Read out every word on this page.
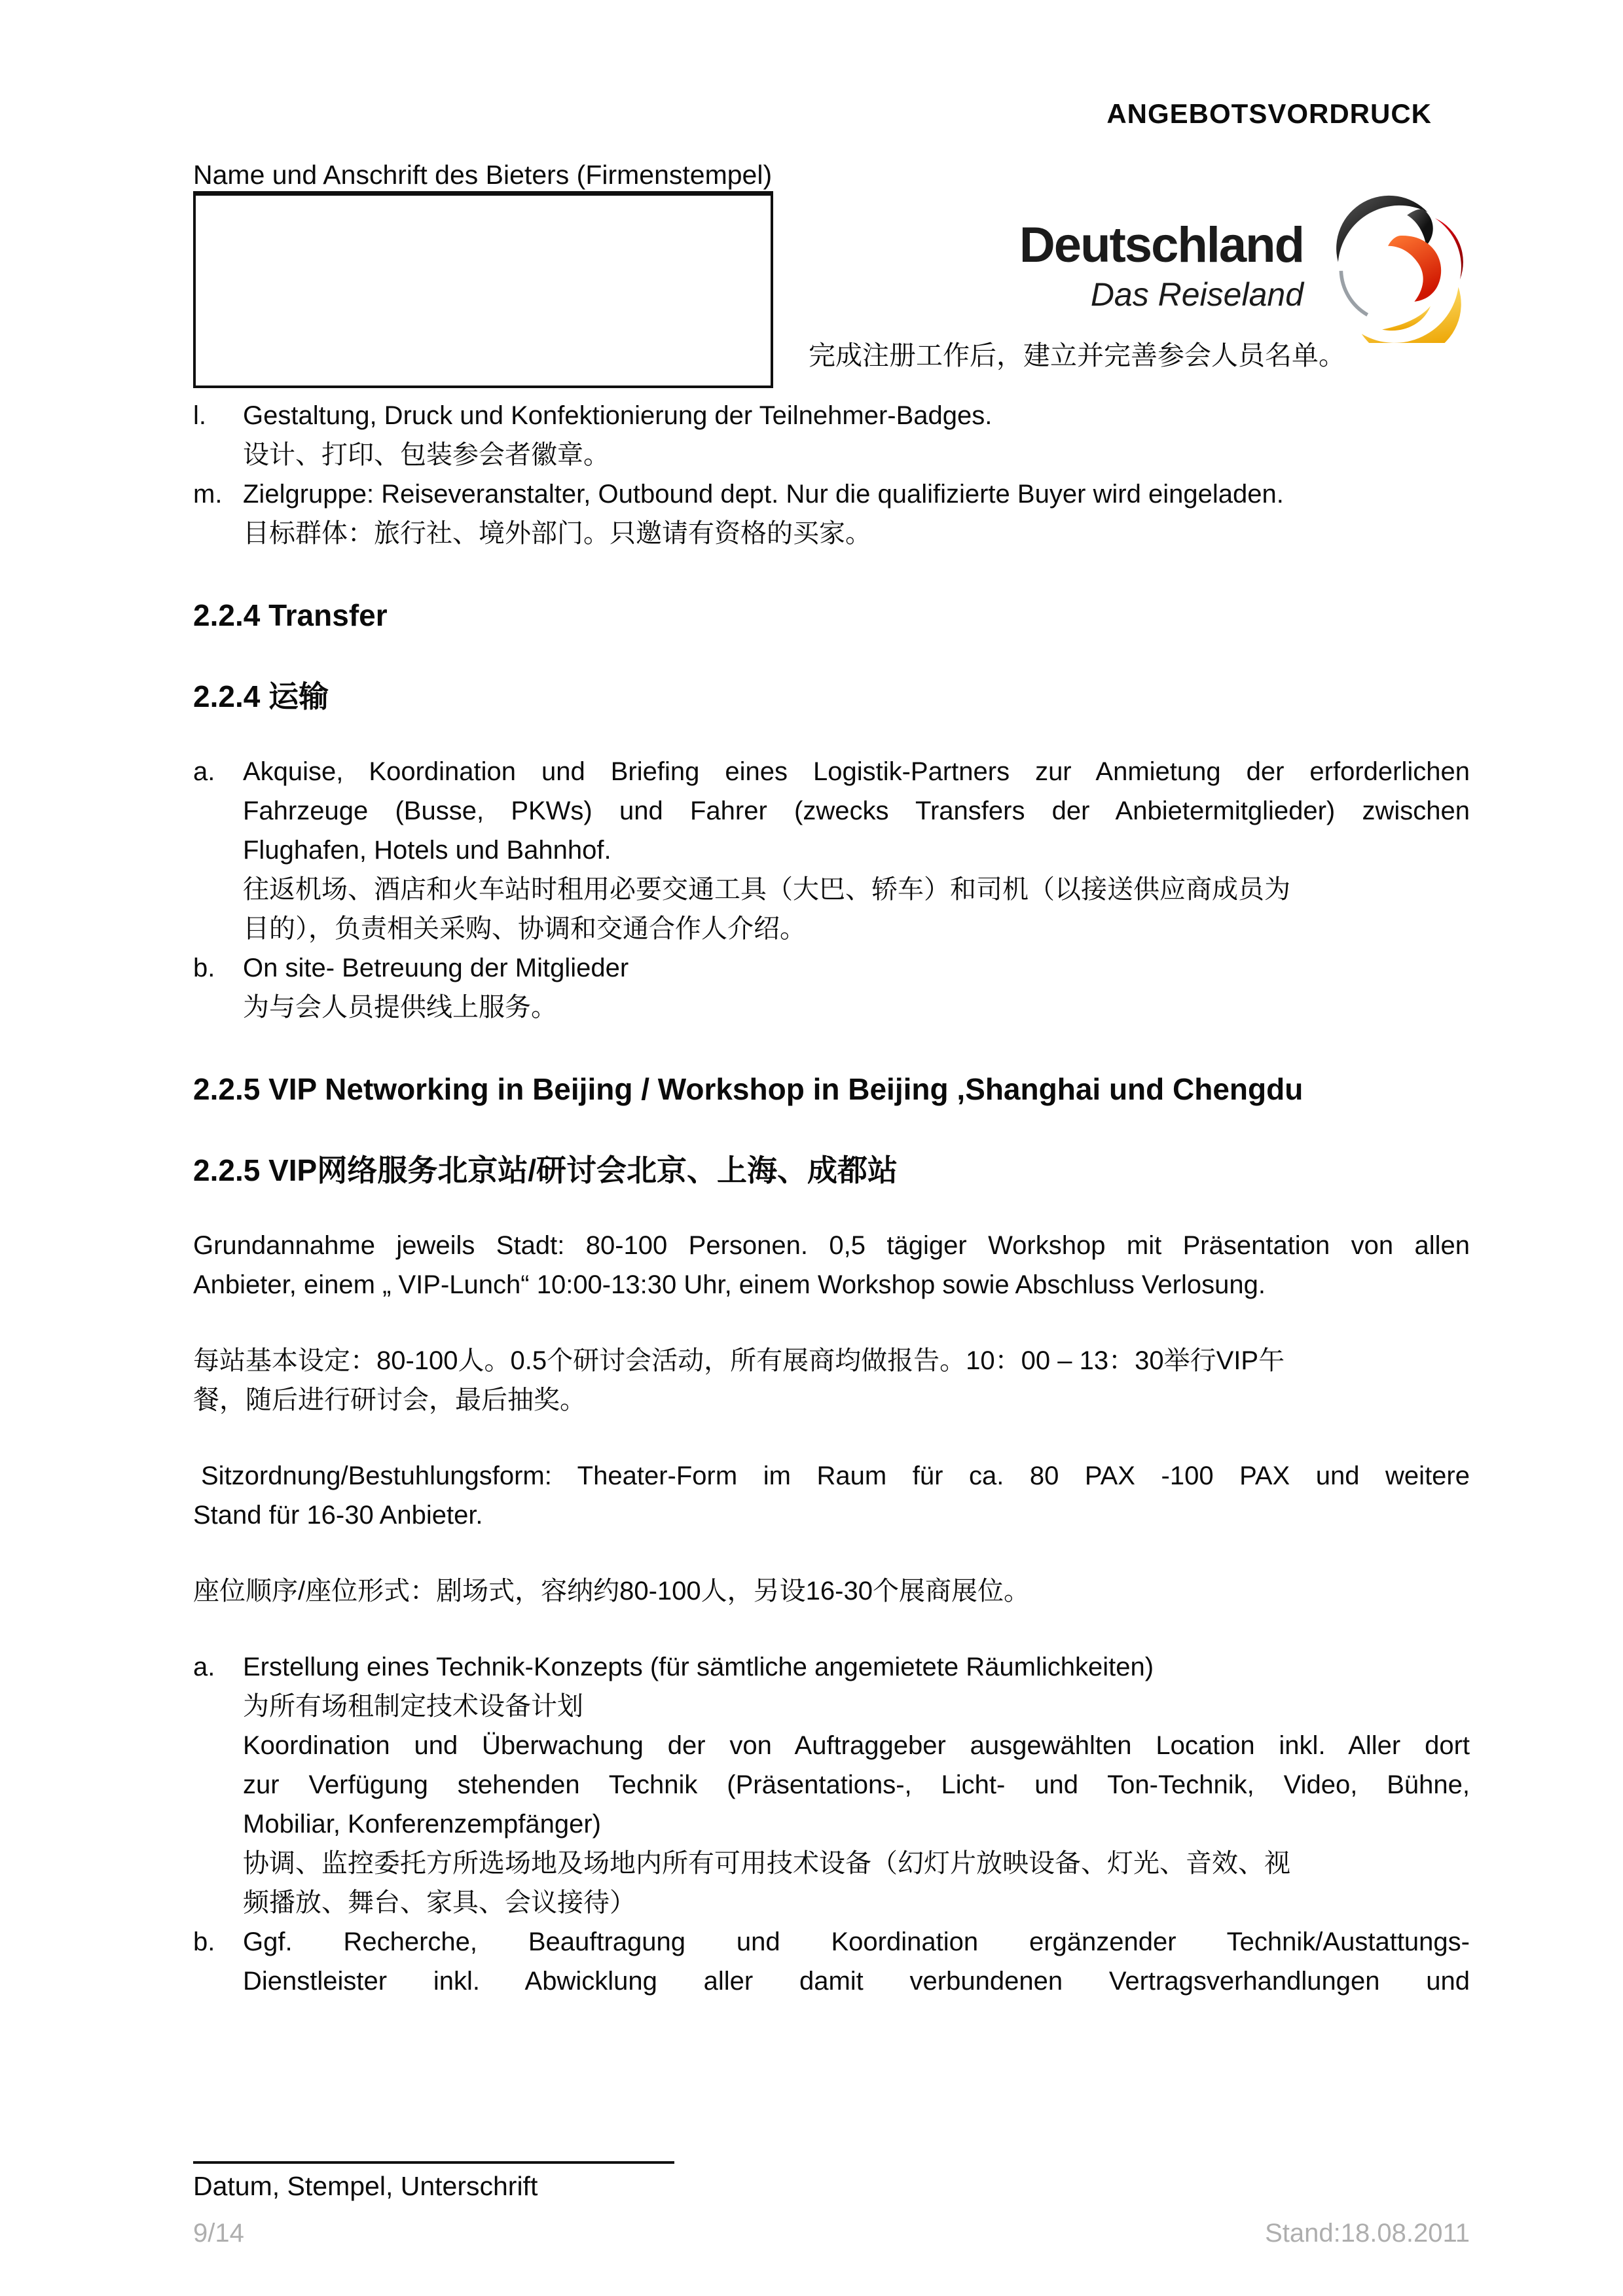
ANGEBOTSVORDRUCK
Name und Anschrift des Bieters (Firmenstempel)
Deutschland
Das Reiseland
完成注册工作后，建立并完善参会人员名单。
l. Gestaltung, Druck und Konfektionierung der Teilnehmer-Badges.
设计、打印、包装参会者徽章。
m. Zielgruppe: Reiseveranstalter, Outbound dept. Nur die qualifizierte Buyer wird eingeladen.
目标群体：旅行社、境外部门。只邀请有资格的买家。
2.2.4 Transfer
2.2.4 运输
a. Akquise, Koordination und Briefing eines Logistik-Partners zur Anmietung der erforderlichen
Fahrzeuge (Busse, PKWs) und Fahrer (zwecks Transfers der Anbietermitglieder) zwischen
Flughafen, Hotels und Bahnhof.
往返机场、酒店和火车站时租用必要交通工具（大巴、轿车）和司机（以接送供应商成员为
目的），负责相关采购、协调和交通合作人介绍。
b. On site- Betreuung der Mitglieder
为与会人员提供线上服务。
2.2.5 VIP Networking in Beijing / Workshop in Beijing ,Shanghai und Chengdu
2.2.5 VIP网络服务北京站/研讨会北京、上海、成都站
Grundannahme jeweils Stadt: 80-100 Personen. 0,5 tägiger Workshop mit Präsentation von allen
Anbieter, einem „ VIP-Lunch“ 10:00-13:30 Uhr, einem Workshop sowie Abschluss Verlosung.
每站基本设定：80-100人。0.5个研讨会活动，所有展商均做报告。10：00 – 13：30举行VIP午
餐，随后进行研讨会，最后抽奖。
Sitzordnung/Bestuhlungsform: Theater-Form im Raum für ca. 80 PAX -100 PAX und weitere
Stand für 16-30 Anbieter.
座位顺序/座位形式：剧场式，容纳约80-100人，另设16-30个展商展位。
a. Erstellung eines Technik-Konzepts (für sämtliche angemietete Räumlichkeiten)
为所有场租制定技术设备计划
Koordination und Überwachung der von Auftraggeber ausgewählten Location inkl. Aller dort
zur Verfügung stehenden Technik (Präsentations-, Licht- und Ton-Technik, Video, Bühne,
Mobiliar, Konferenzempfänger)
协调、监控委托方所选场地及场地内所有可用技术设备（幻灯片放映设备、灯光、音效、视
频播放、舞台、家具、会议接待）
b. Ggf. Recherche, Beauftragung und Koordination ergänzender Technik/Austattungs-
Dienstleister inkl. Abwicklung aller damit verbundenen Vertragsverhandlungen und
Datum, Stempel, Unterschrift
9/14	Stand:18.08.2011
